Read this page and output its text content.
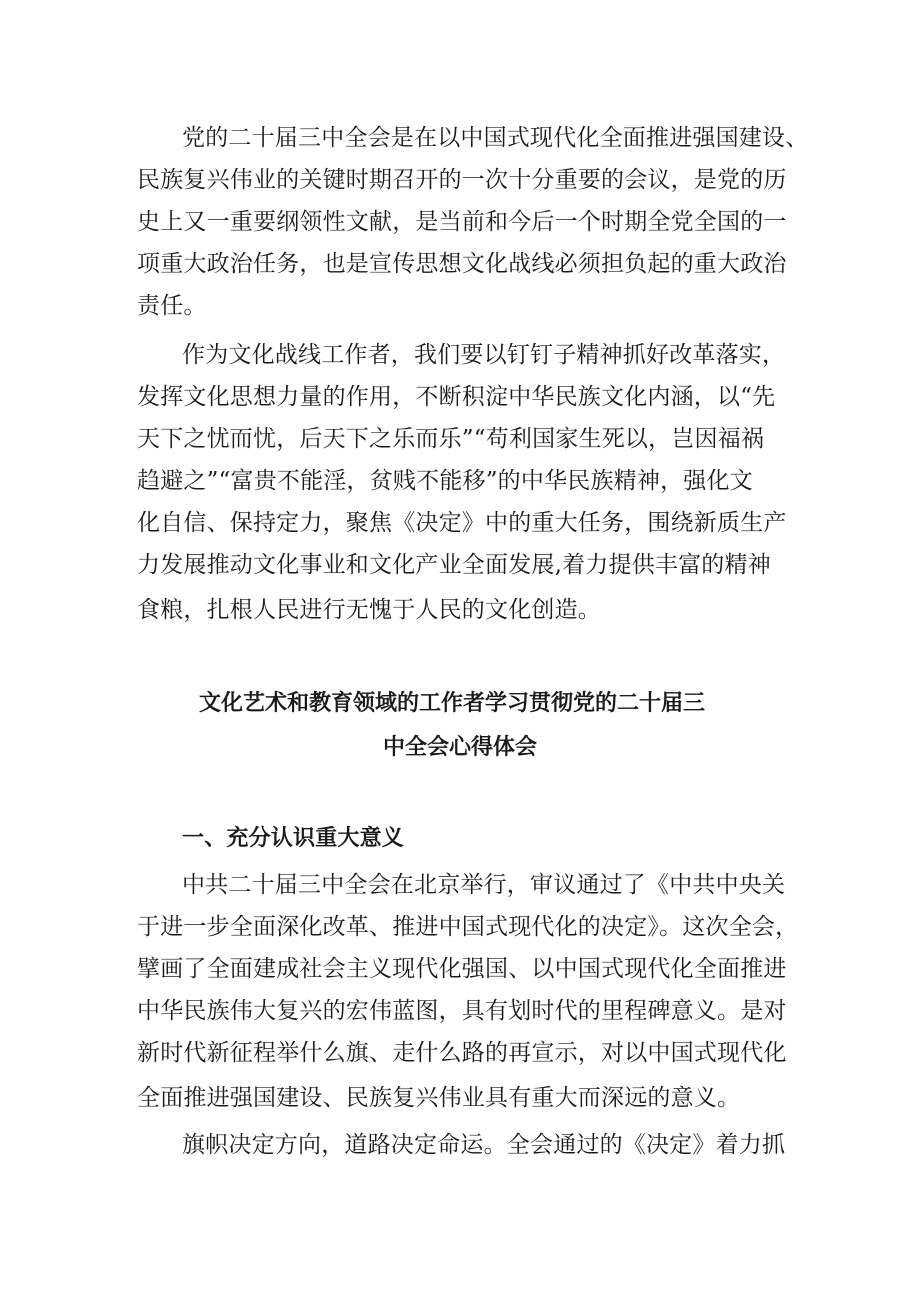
党的二十届三中全会是在以中国式现代化全面推进强国建设、
民族复兴伟业的关键时期召开的一次十分重要的会议，是党的历
史上又一重要纲领性文献，是当前和今后一个时期全党全国的一
项重大政治任务，也是宣传思想文化战线必须担负起的重大政治
责任。
作为文化战线工作者，我们要以钉钉子精神抓好改革落实，
发挥文化思想力量的作用，不断积淀中华民族文化内涵，以“先
天下之忧而忧，后天下之乐而乐”“苟利国家生死以，岂因福祸
趋避之”“富贵不能淫，贫贱不能移”的中华民族精神，强化文
化自信、保持定力，聚焦《决定》中的重大任务，围绕新质生产
力发展推动文化事业和文化产业全面发展,着力提供丰富的精神
食粮，扎根人民进行无愧于人民的文化创造。
文化艺术和教育领域的工作者学习贯彻党的二十届三
中全会心得体会
一、充分认识重大意义
中共二十届三中全会在北京举行，审议通过了《中共中央关
于进一步全面深化改革、推进中国式现代化的决定》。这次全会，
擘画了全面建成社会主义现代化强国、以中国式现代化全面推进
中华民族伟大复兴的宏伟蓝图，具有划时代的里程碑意义。是对
新时代新征程举什么旗、走什么路的再宣示，对以中国式现代化
全面推进强国建设、民族复兴伟业具有重大而深远的意义。
旗帜决定方向，道路决定命运。全会通过的《决定》着力抓
